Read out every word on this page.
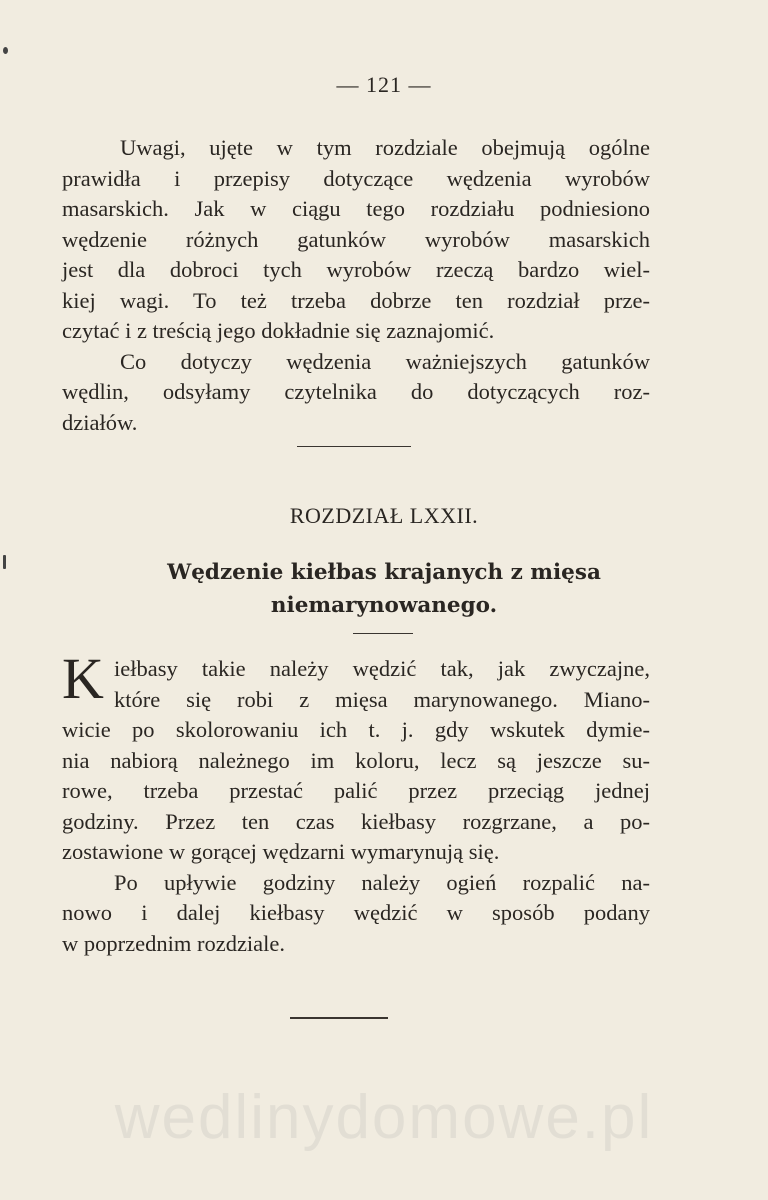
— 121 —
Uwagi, ujęte w tym rozdziale obejmują ogólne
prawidła i przepisy dotyczące wędzenia wyrobów
masarskich. Jak w ciągu tego rozdziału podniesiono
wędzenie różnych gatunków wyrobów masarskich
jest dla dobroci tych wyrobów rzeczą bardzo wiel-
kiej wagi. To też trzeba dobrze ten rozdział prze-
czytać i z treścią jego dokładnie się zaznajomić.
Co dotyczy wędzenia ważniejszych gatunków
wędlin, odsyłamy czytelnika do dotyczących roz-
działów.
ROZDZIAŁ LXXII.
Wędzenie kiełbas krajanych z mięsa
niemarynowanego.
K iełbasy takie należy wędzić tak, jak zwyczajne,
które się robi z mięsa marynowanego. Miano-
wicie po skolorowaniu ich t. j. gdy wskutek dymie-
nia nabiorą należnego im koloru, lecz są jeszcze su-
rowe, trzeba przestać palić przez przeciąg jednej
godziny. Przez ten czas kiełbasy rozgrzane, a po-
zostawione w gorącej wędzarni wymarynują się.
Po upływie godziny należy ogień rozpalić na-
nowo i dalej kiełbasy wędzić w sposób podany
w poprzednim rozdziale.
wedlinydomowe.pl
